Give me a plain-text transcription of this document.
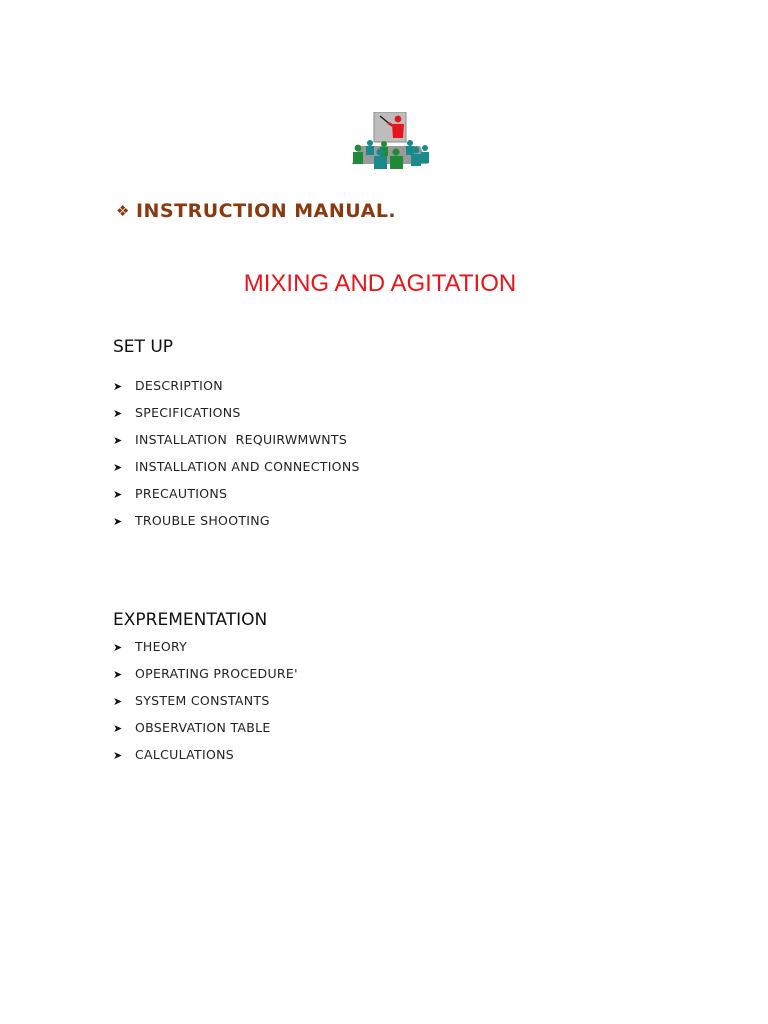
❖ INSTRUCTION MANUAL.
MIXING AND AGITATION
SET UP
➤ DESCRIPTION
➤ SPECIFICATIONS
➤ INSTALLATION  REQUIRWMWNTS
➤ INSTALLATION AND CONNECTIONS
➤ PRECAUTIONS
➤ TROUBLE SHOOTING
EXPREMENTATION
➤ THEORY
➤ OPERATING PROCEDURE'
➤ SYSTEM CONSTANTS
➤ OBSERVATION TABLE
➤ CALCULATIONS
